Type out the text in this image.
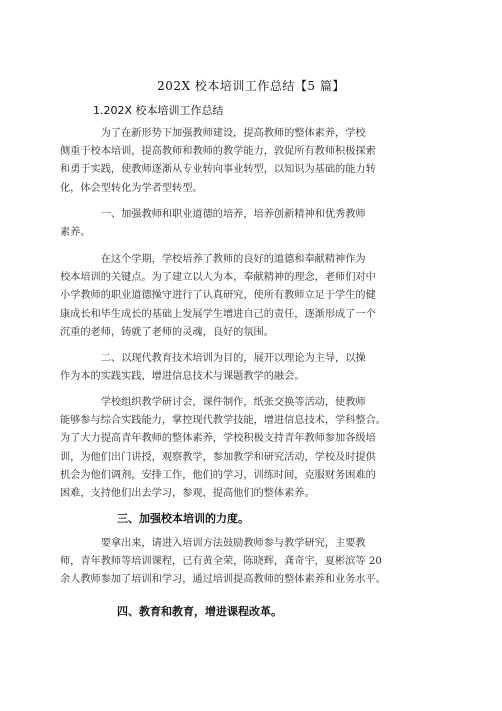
202X 校本培训工作总结【5 篇】
1.202X 校本培训工作总结
　　　　为了在新形势下加强教师建设，提高教师的整体素养，学校
侧重于校本培训，提高教师和教师的教学能力，敦促所有教师积极探索
和勇于实践，使教师逐渐从专业转向事业转型，以知识为基础的能力转
化，体会型转化为学者型转型。
　　　　一、加强教师和职业道德的培养，培养创新精神和优秀教师
素养。
　　　　在这个学期，学校培养了教师的良好的道德和奉献精神作为
校本培训的关键点。为了建立以人为本，奉献精神的理念，老师们对中
小学教师的职业道德操守进行了认真研究，使所有教师立足于学生的健
康成长和毕生成长的基础上发展学生增进自己的责任，逐渐形成了一个
沉重的老师，铸就了老师的灵魂，良好的氛围。
　　　　二、以现代教育技术培训为目的，展开以理论为主导，以操
作为本的实践实践，增进信息技术与课题教学的融会。
　　　　学校组织教学研讨会，课件制作，纸张交换等活动，使教师
能够参与综合实践能力，掌控现代教学技能，增进信息技术，学科整合。
为了大力提高青年教师的整体素养，学校积极支持青年教师参加各级培
训，为他们出门讲授，观察教学，参加教学和研究活动，学校及时提供
机会为他们调剂，安排工作，他们的学习，训练时间，克服财务困难的
困难，支持他们出去学习，参观，提高他们的整体素养。
三、加强校本培训的力度。
　　　　要拿出来，请进入培训方法鼓励教师参与教学研究，主要教
师，青年教师等培训课程，已有黄全荣，陈晓辉，龚奇宇，夏彬滨等 20
余人教师参加了培训和学习，通过培训提高教师的整体素养和业务水平。
四、教育和教育，增进课程改革。
